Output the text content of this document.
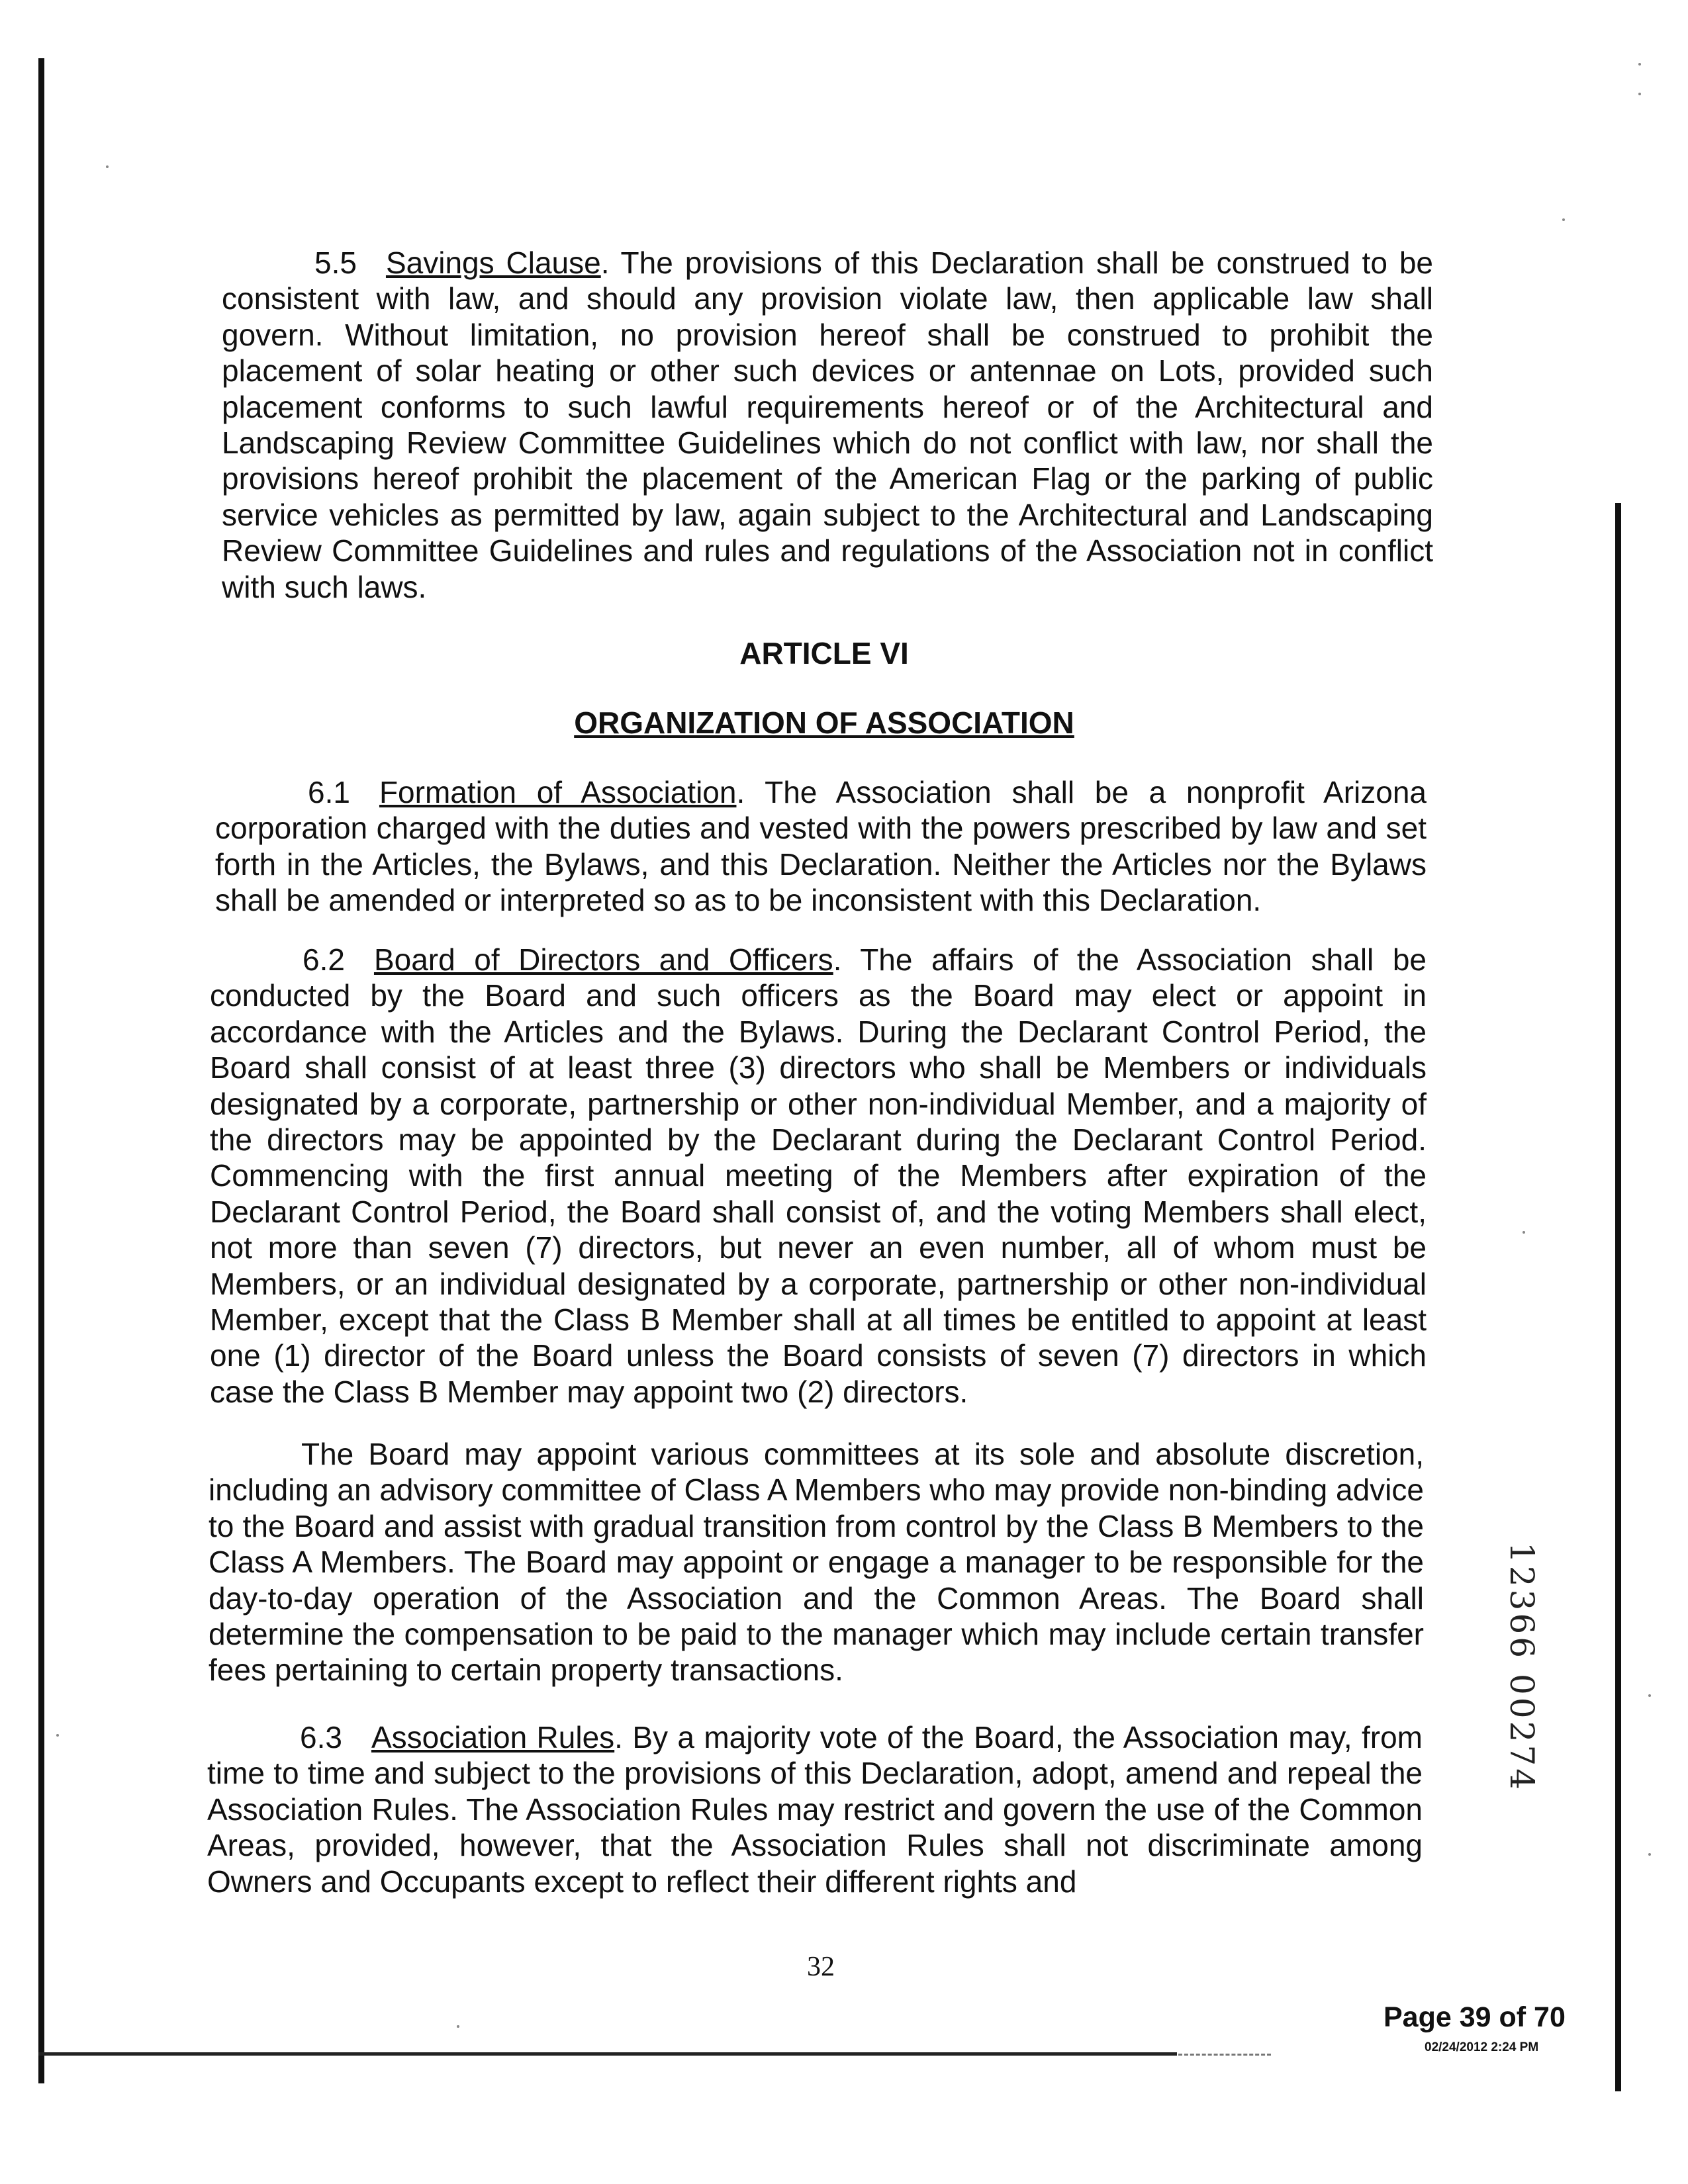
5.5 Savings Clause. The provisions of this Declaration shall be construed to be consistent with law, and should any provision violate law, then applicable law shall govern. Without limitation, no provision hereof shall be construed to prohibit the placement of solar heating or other such devices or antennae on Lots, provided such placement conforms to such lawful requirements hereof or of the Architectural and Landscaping Review Committee Guidelines which do not conflict with law, nor shall the provisions hereof prohibit the placement of the American Flag or the parking of public service vehicles as permitted by law, again subject to the Architectural and Landscaping Review Committee Guidelines and rules and regulations of the Association not in conflict with such laws.

ARTICLE VI

ORGANIZATION OF ASSOCIATION

6.1 Formation of Association. The Association shall be a nonprofit Arizona corporation charged with the duties and vested with the powers prescribed by law and set forth in the Articles, the Bylaws, and this Declaration. Neither the Articles nor the Bylaws shall be amended or interpreted so as to be inconsistent with this Declaration.

6.2 Board of Directors and Officers. The affairs of the Association shall be conducted by the Board and such officers as the Board may elect or appoint in accordance with the Articles and the Bylaws. During the Declarant Control Period, the Board shall consist of at least three (3) directors who shall be Members or individuals designated by a corporate, partnership or other non-individual Member, and a majority of the directors may be appointed by the Declarant during the Declarant Control Period. Commencing with the first annual meeting of the Members after expiration of the Declarant Control Period, the Board shall consist of, and the voting Members shall elect, not more than seven (7) directors, but never an even number, all of whom must be Members, or an individual designated by a corporate, partnership or other non-individual Member, except that the Class B Member shall at all times be entitled to appoint at least one (1) director of the Board unless the Board consists of seven (7) directors in which case the Class B Member may appoint two (2) directors.

The Board may appoint various committees at its sole and absolute discretion, including an advisory committee of Class A Members who may provide non-binding advice to the Board and assist with gradual transition from control by the Class B Members to the Class A Members. The Board may appoint or engage a manager to be responsible for the day-to-day operation of the Association and the Common Areas. The Board shall determine the compensation to be paid to the manager which may include certain transfer fees pertaining to certain property transactions.

6.3 Association Rules. By a majority vote of the Board, the Association may, from time to time and subject to the provisions of this Declaration, adopt, amend and repeal the Association Rules. The Association Rules may restrict and govern the use of the Common Areas, provided, however, that the Association Rules shall not discriminate among Owners and Occupants except to reflect their different rights and

32
12366 00274
Page 39 of 70
02/24/2012 2:24 PM
